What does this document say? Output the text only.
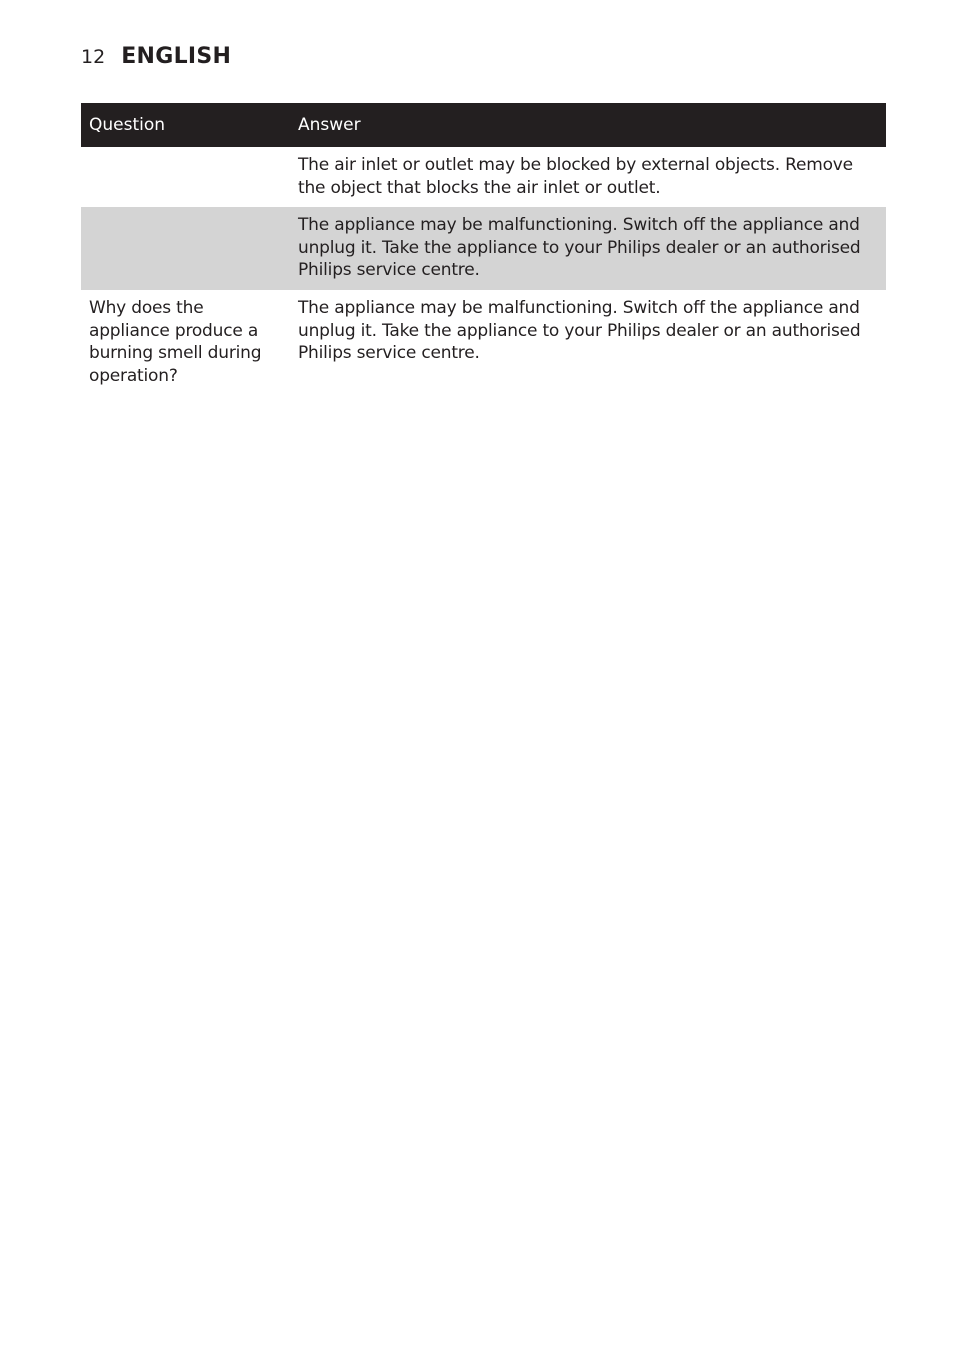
12 ENGLISH
Question	Answer
	The air inlet or outlet may be blocked by external objects. Remove the object that blocks the air inlet or outlet.
	The appliance may be malfunctioning. Switch off the appliance and unplug it. Take the appliance to your Philips dealer or an authorised Philips service centre.
Why does the appliance produce a burning smell during operation?	The appliance may be malfunctioning. Switch off the appliance and unplug it. Take the appliance to your Philips dealer or an authorised Philips service centre.
